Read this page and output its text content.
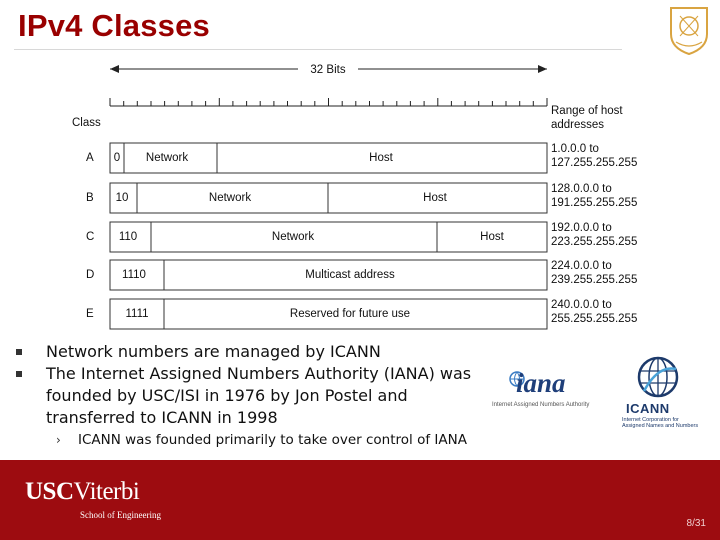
IPv4 Classes
32 Bits
Class
Range of host
addresses
A 0 Network	Host
1.0.0.0 to
127.255.255.255
B 10	Network	Host
128.0.0.0 to
191.255.255.255
C 110	Network	Host
192.0.0.0 to
223.255.255.255
D 1110	Multicast address
224.0.0.0 to
239.255.255.255
E	1111	Reserved for future use
240.0.0.0 to
255.255.255.255
Network numbers are managed by ICANN
The Internet Assigned Numbers Authority (IANA) was founded by USC/ISI in 1976 by Jon Postel and transferred to ICANN in 1998
› ICANN was founded primarily to take over control of IANA
iana
Internet Assigned Numbers Authority	ICANN
Internet Corporation for Assigned Names and Numbers
USCViterbi
School of Engineering
8/31
